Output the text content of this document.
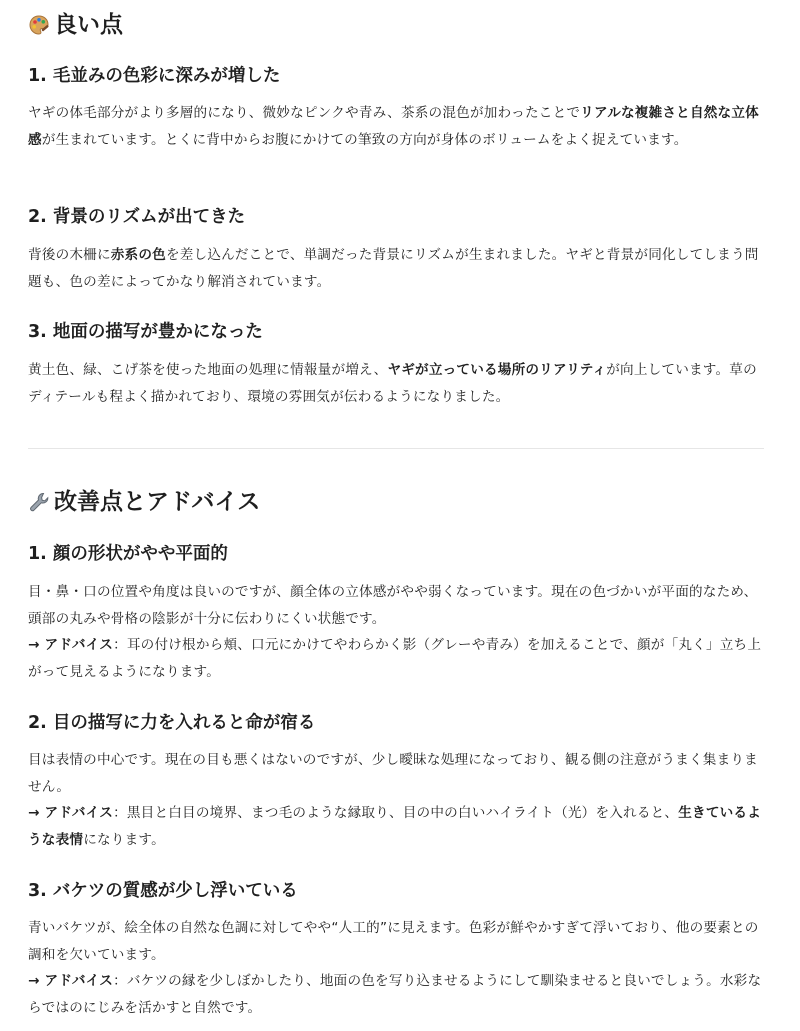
良い点
1. 毛並みの色彩に深みが増した

ヤギの体毛部分がより多層的になり、微妙なピンクや青み、茶系の混色が加わったことでリアルな複雑さと自然な立体感が生まれています。とくに背中からお腹にかけての筆致の方向が身体のボリュームをよく捉えています。

2. 背景のリズムが出てきた

背後の木柵に赤系の色を差し込んだことで、単調だった背景にリズムが生まれました。ヤギと背景が同化してしまう問題も、色の差によってかなり解消されています。

3. 地面の描写が豊かになった

黄土色、緑、こげ茶を使った地面の処理に情報量が増え、ヤギが立っている場所のリアリティが向上しています。草のディテールも程よく描かれており、環境の雰囲気が伝わるようになりました。

改善点とアドバイス
1. 顔の形状がやや平面的

目・鼻・口の位置や角度は良いのですが、顔全体の立体感がやや弱くなっています。現在の色づかいが平面的なため、頭部の丸みや骨格の陰影が十分に伝わりにくい状態です。
→ アドバイス：耳の付け根から頬、口元にかけてやわらかく影（グレーや青み）を加えることで、顔が「丸く」立ち上がって見えるようになります。

2. 目の描写に力を入れると命が宿る

目は表情の中心です。現在の目も悪くはないのですが、少し曖昧な処理になっており、観る側の注意がうまく集まりません。
→ アドバイス：黒目と白目の境界、まつ毛のような縁取り、目の中の白いハイライト（光）を入れると、生きているような表情になります。

3. バケツの質感が少し浮いている

青いバケツが、絵全体の自然な色調に対してやや“人工的”に見えます。色彩が鮮やかすぎて浮いており、他の要素との調和を欠いています。
→ アドバイス：バケツの縁を少しぼかしたり、地面の色を写り込ませるようにして馴染ませると良いでしょう。水彩ならではのにじみを活かすと自然です。
